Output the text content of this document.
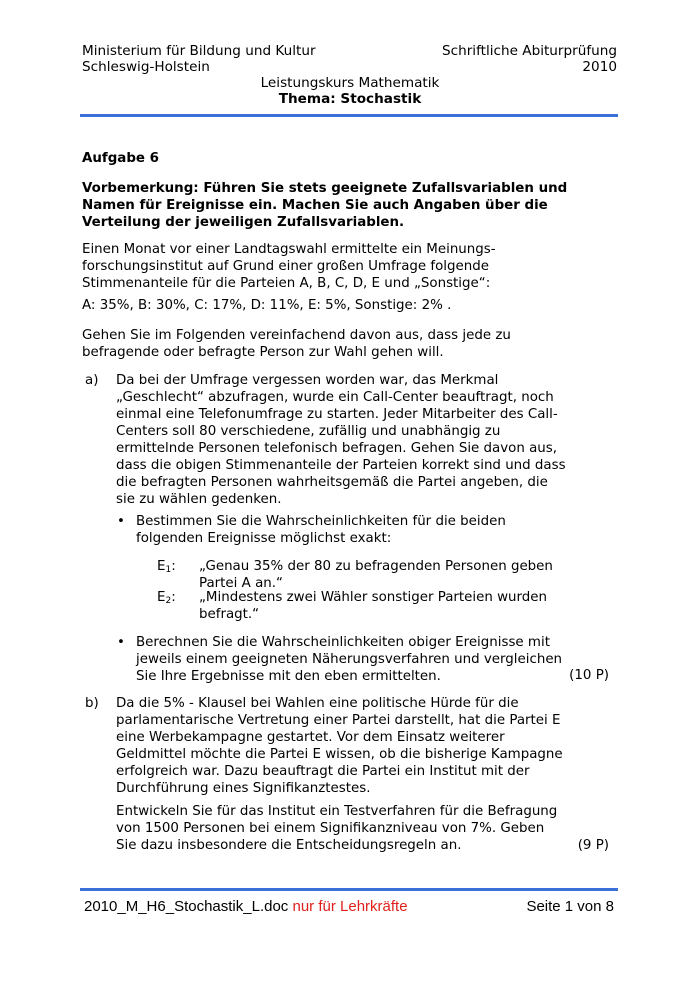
Ministerium für Bildung und Kultur
Schleswig-Holstein
Schriftliche Abiturprüfung
2010
Leistungskurs Mathematik
Thema: Stochastik
Aufgabe 6
Vorbemerkung: Führen Sie stets geeignete Zufallsvariablen und
Namen für Ereignisse ein. Machen Sie auch Angaben über die
Verteilung der jeweiligen Zufallsvariablen.
Einen Monat vor einer Landtagswahl ermittelte ein Meinungs-
forschungsinstitut auf Grund einer großen Umfrage folgende
Stimmenanteile für die Parteien A, B, C, D, E und „Sonstige“:
A: 35%, B: 30%, C: 17%, D: 11%, E: 5%, Sonstige: 2% .
Gehen Sie im Folgenden vereinfachend davon aus, dass jede zu
befragende oder befragte Person zur Wahl gehen will.
a) Da bei der Umfrage vergessen worden war, das Merkmal
„Geschlecht“ abzufragen, wurde ein Call-Center beauftragt, noch
einmal eine Telefonumfrage zu starten. Jeder Mitarbeiter des Call-
Centers soll 80 verschiedene, zufällig und unabhängig zu
ermittelnde Personen telefonisch befragen. Gehen Sie davon aus,
dass die obigen Stimmenanteile der Parteien korrekt sind und dass
die befragten Personen wahrheitsgemäß die Partei angeben, die
sie zu wählen gedenken.
• Bestimmen Sie die Wahrscheinlichkeiten für die beiden
folgenden Ereignisse möglichst exakt:
$E_1$: „Genau 35% der 80 zu befragenden Personen geben
Partei A an.“
$E_2$: „Mindestens zwei Wähler sonstiger Parteien wurden
befragt.“
• Berechnen Sie die Wahrscheinlichkeiten obiger Ereignisse mit
jeweils einem geeigneten Näherungsverfahren und vergleichen
Sie Ihre Ergebnisse mit den eben ermittelten.	(10 P)
b) Da die 5% - Klausel bei Wahlen eine politische Hürde für die
parlamentarische Vertretung einer Partei darstellt, hat die Partei E
eine Werbekampagne gestartet. Vor dem Einsatz weiterer
Geldmittel möchte die Partei E wissen, ob die bisherige Kampagne
erfolgreich war. Dazu beauftragt die Partei ein Institut mit der
Durchführung eines Signifikanztestes.
Entwickeln Sie für das Institut ein Testverfahren für die Befragung
von 1500 Personen bei einem Signifikanzniveau von 7%. Geben
Sie dazu insbesondere die Entscheidungsregeln an.	(9 P)
2010_M_H6_Stochastik_L.doc nur für Lehrkräfte	Seite 1 von 8
